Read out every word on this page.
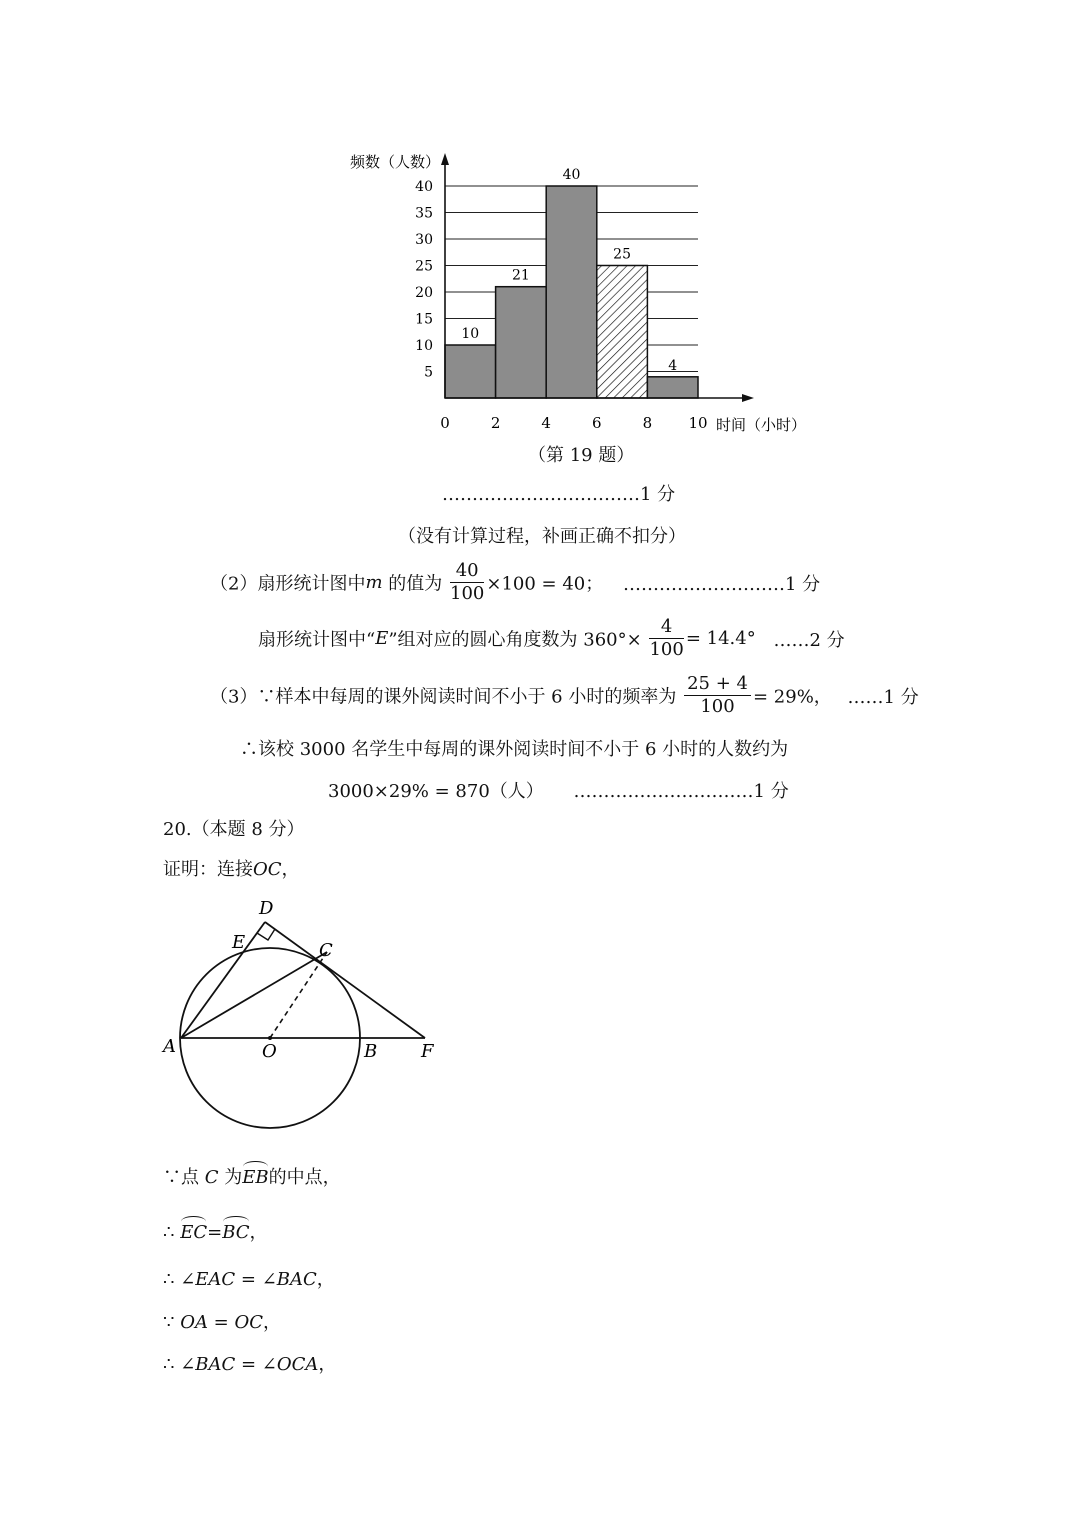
10
21
40
25
4
5
10
15
20
25
30
35
40
0	2	4	6	8 10
频数（人数）
时间（小时）
（第 19 题）
……………………………1 分
（没有计算过程，补画正确不扣分）
（2）扇形统计图中m 的值为 $\frac{40}{100} \times 100 = 40$； ………………………1 分
扇形统计图中“E”组对应的圆心角度数为 $360^\circ\times \frac{4}{100} = 14.4^\circ$ ……2 分
（3）∵样本中每周的课外阅读时间不小于 6 小时的频率为 $\frac{25 + 4}{100} = 29\%$， ……1 分
∴该校 3000 名学生中每周的课外阅读时间不小于 6 小时的人数约为
3000×29% = 870（人） …………………………1 分
20.（本题 8 分）
证明：连接OC，
D
E	C
A	O	B F
∵点 C 为EB的中点，
∴ EC=BC，
∴ ∠EAC = ∠BAC，
∵ OA = OC，
∴ ∠BAC = ∠OCA，
